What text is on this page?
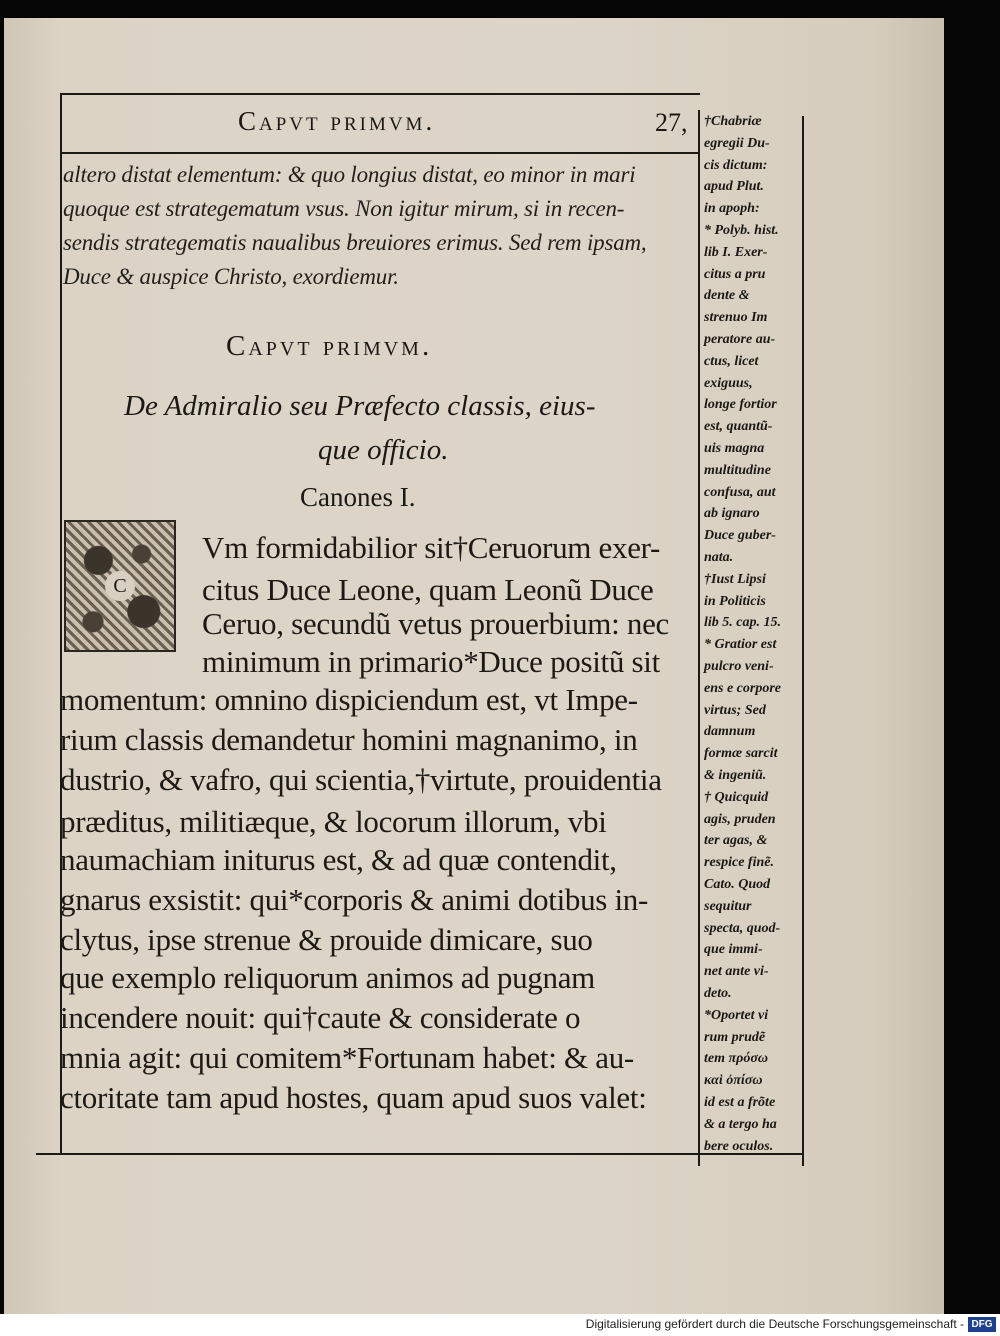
Capvt primvm.	27,
altero distat elementum: & quo longius distat, eo minor in mari
quoque est strategematum vsus. Non igitur mirum, si in recen-
sendis strategematis naualibus breuiores erimus. Sed rem ipsam,
Duce & auspice Christo, exordiemur.
Capvt primvm.
De Admiralio seu Præfecto classis, eius-
que officio.
Canones I.
C
Vm formidabilior sit†Ceruorum exer-
citus Duce Leone, quam Leonũ Duce
Ceruo, secundũ vetus prouerbium: nec
minimum in primario*Duce positũ sit
momentum: omnino dispiciendum est, vt Impe-
rium classis demandetur homini magnanimo, in
dustrio, & vafro, qui scientia,†virtute, prouidentia
præditus, militiæque, & locorum illorum, vbi
naumachiam initurus est, & ad quæ contendit,
gnarus exsistit: qui*corporis & animi dotibus in-
clytus, ipse strenue & prouide dimicare, suo
que exemplo reliquorum animos ad pugnam
incendere nouit: qui†caute & considerate o
mnia agit: qui comitem*Fortunam habet: & au-
ctoritate tam apud hostes, quam apud suos valet:
†Chabriæ
egregii Du-
cis dictum:
apud Plut.
in apoph:
* Polyb. hist.
lib I. Exer-
citus a pru
dente &
strenuo Im
peratore au-
ctus, licet
exiguus,
longe fortior
est, quantũ-
uis magna
multitudine
confusa, aut
ab ignaro
Duce guber-
nata.
†Iust Lipsi
in Politicis
lib 5. cap. 15.
* Gratior est
pulcro veni-
ens e corpore
virtus; Sed
damnum
formæ sarcit
& ingeniũ.
† Quicquid
agis, pruden
ter agas, &
respice finẽ.
Cato. Quod
sequitur
specta, quod-
que immi-
net ante vi-
deto.
*Oportet vi
rum prudẽ
tem πρόσω
καὶ ὀπίσω
id est a frõte
& a tergo ha
bere oculos.
Digitalisierung gefördert durch die Deutsche Forschungsgemeinschaft - DFG
